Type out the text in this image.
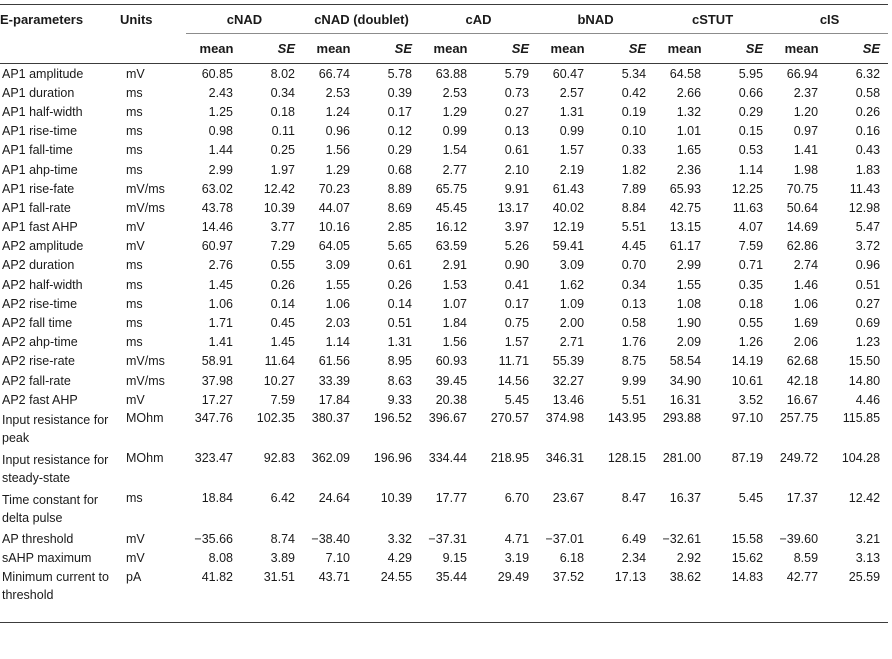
E-parameters	Units	cNAD		cNAD (doublet)		cAD		bNAD		cSTUT		cIS	
		mean	SE	mean	SE	mean	SE	mean	SE	mean	SE	mean	SE
AP1 amplitude	mV	60.85	8.02	66.74	5.78	63.88	5.79	60.47	5.34	64.58	5.95	66.94	6.32
AP1 duration	ms	2.43	0.34	2.53	0.39	2.53	0.73	2.57	0.42	2.66	0.66	2.37	0.58
AP1 half-width	ms	1.25	0.18	1.24	0.17	1.29	0.27	1.31	0.19	1.32	0.29	1.20	0.26
AP1 rise-time	ms	0.98	0.11	0.96	0.12	0.99	0.13	0.99	0.10	1.01	0.15	0.97	0.16
AP1 fall-time	ms	1.44	0.25	1.56	0.29	1.54	0.61	1.57	0.33	1.65	0.53	1.41	0.43
AP1 ahp-time	ms	2.99	1.97	1.29	0.68	2.77	2.10	2.19	1.82	2.36	1.14	1.98	1.83
AP1 rise-fate	mV/ms	63.02	12.42	70.23	8.89	65.75	9.91	61.43	7.89	65.93	12.25	70.75	11.43
AP1 fall-rate	mV/ms	43.78	10.39	44.07	8.69	45.45	13.17	40.02	8.84	42.75	11.63	50.64	12.98
AP1 fast AHP	mV	14.46	3.77	10.16	2.85	16.12	3.97	12.19	5.51	13.15	4.07	14.69	5.47
AP2 amplitude	mV	60.97	7.29	64.05	5.65	63.59	5.26	59.41	4.45	61.17	7.59	62.86	3.72
AP2 duration	ms	2.76	0.55	3.09	0.61	2.91	0.90	3.09	0.70	2.99	0.71	2.74	0.96
AP2 half-width	ms	1.45	0.26	1.55	0.26	1.53	0.41	1.62	0.34	1.55	0.35	1.46	0.51
AP2 rise-time	ms	1.06	0.14	1.06	0.14	1.07	0.17	1.09	0.13	1.08	0.18	1.06	0.27
AP2 fall time	ms	1.71	0.45	2.03	0.51	1.84	0.75	2.00	0.58	1.90	0.55	1.69	0.69
AP2 ahp-time	ms	1.41	1.45	1.14	1.31	1.56	1.57	2.71	1.76	2.09	1.26	2.06	1.23
AP2 rise-rate	mV/ms	58.91	11.64	61.56	8.95	60.93	11.71	55.39	8.75	58.54	14.19	62.68	15.50
AP2 fall-rate	mV/ms	37.98	10.27	33.39	8.63	39.45	14.56	32.27	9.99	34.90	10.61	42.18	14.80
AP2 fast AHP	mV	17.27	7.59	17.84	9.33	20.38	5.45	13.46	5.51	16.31	3.52	16.67	4.46
Input resistance for peak	MOhm	347.76	102.35	380.37	196.52	396.67	270.57	374.98	143.95	293.88	97.10	257.75	115.85
Input resistance for steady-state	MOhm	323.47	92.83	362.09	196.96	334.44	218.95	346.31	128.15	281.00	87.19	249.72	104.28
Time constant for delta pulse	ms	18.84	6.42	24.64	10.39	17.77	6.70	23.67	8.47	16.37	5.45	17.37	12.42
AP threshold	mV	−35.66	8.74	−38.40	3.32	−37.31	4.71	−37.01	6.49	−32.61	15.58	−39.60	3.21
sAHP maximum	mV	8.08	3.89	7.10	4.29	9.15	3.19	6.18	2.34	2.92	15.62	8.59	3.13
Minimum current to threshold	pA	41.82	31.51	43.71	24.55	35.44	29.49	37.52	17.13	38.62	14.83	42.77	25.59
